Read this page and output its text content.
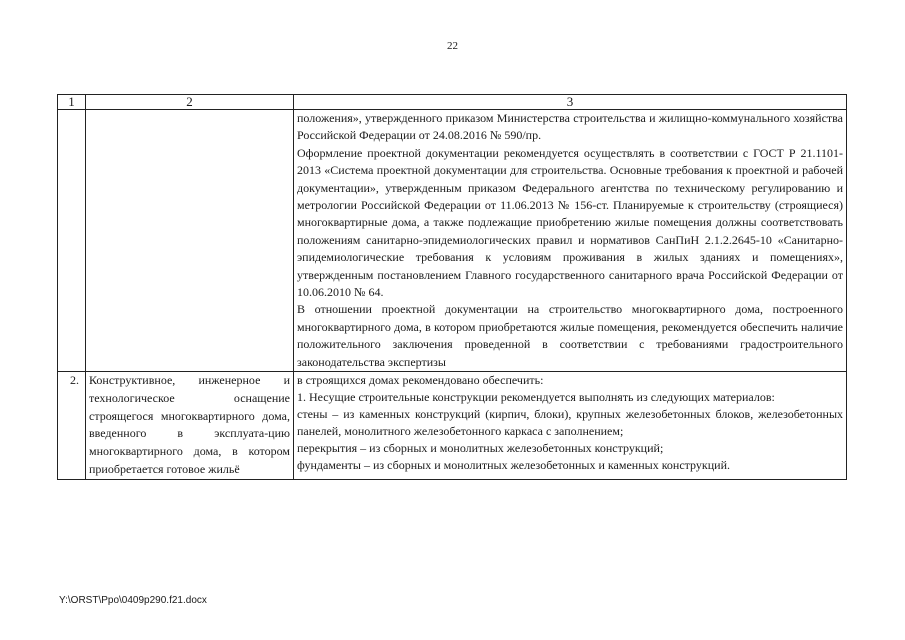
22
1	2	3

		положения», утвержденного приказом Министерства строительства и жилищно-коммунального хозяйства Российской Федерации от 24.08.2016 № 590/пр.

Оформление проектной документации рекомендуется осуществлять в соответствии с ГОСТ Р 21.1101-2013 «Система проектной документации для строительства. Основные требования к проектной и рабочей документации», утвержденным приказом Федерального агентства по техническому регулированию и метрологии Российской Федерации от 11.06.2013 № 156-ст. Планируемые к строительству (строящиеся) многоквартирные дома, а также подлежащие приобретению жилые помещения должны соответствовать положениям санитарно-эпидемиологических правил и нормативов СанПиН 2.1.2.2645-10 «Санитарно-эпидемиологические требования к условиям проживания в жилых зданиях и помещениях», утвержденным постановлением Главного государственного санитарного врача Российской Федерации от 10.06.2010 № 64.

В отношении проектной документации на строительство многоквартирного дома, построенного многоквартирного дома, в котором приобретаются жилые помещения, рекомендуется обеспечить наличие положительного заключения проведенной в соответствии с требованиями градостроительного законодательства экспертизы

2.	Конструктивное, инженерное и технологическое оснащение строящегося многоквартирного дома, введенного в эксплуата-цию многоквартирного дома, в котором приобретается готовое жильё	в строящихся домах рекомендовано обеспечить:

1. Несущие строительные конструкции рекомендуется выполнять из следующих материалов:

стены – из каменных конструкций (кирпич, блоки), крупных железобетонных блоков, железобетонных панелей, монолитного железобетонного каркаса с заполнением;

перекрытия – из сборных и монолитных железобетонных конструкций;

фундаменты – из сборных и монолитных железобетонных и каменных конструкций.

Y:\ORST\Ppo\0409p290.f21.docx
